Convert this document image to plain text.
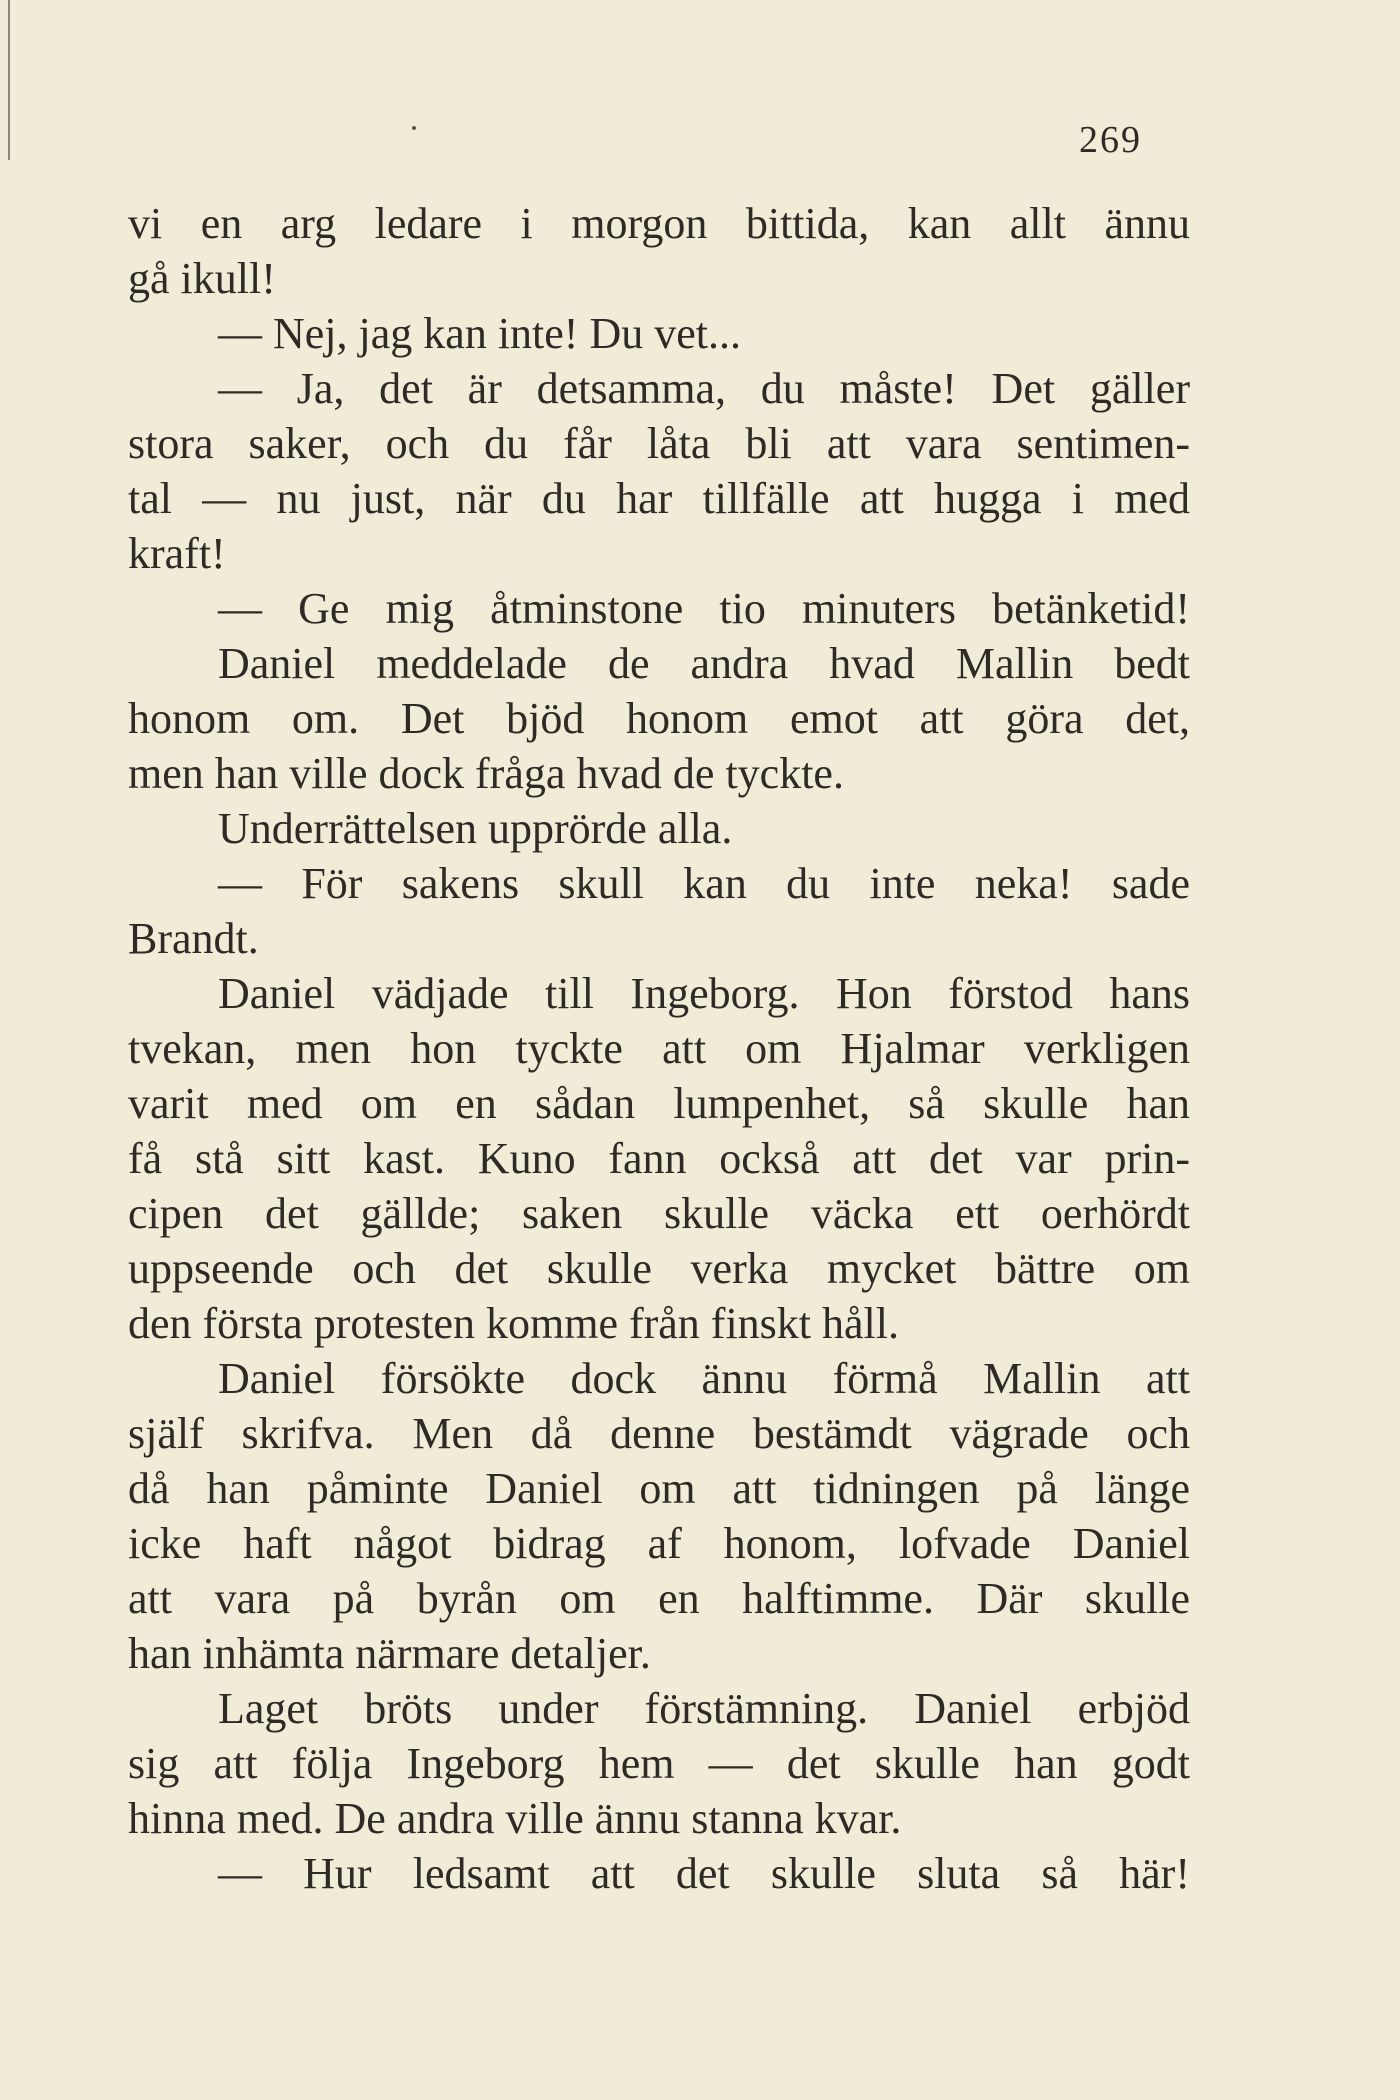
269
vi en arg ledare i morgon bittida, kan allt ännu
gå ikull!
— Nej, jag kan inte! Du vet...
— Ja, det är detsamma, du måste! Det gäller
stora saker, och du får låta bli att vara sentimen-
tal — nu just, när du har tillfälle att hugga i med
kraft!
— Ge mig åtminstone tio minuters betänketid!
Daniel meddelade de andra hvad Mallin bedt
honom om. Det bjöd honom emot att göra det,
men han ville dock fråga hvad de tyckte.
Underrättelsen upprörde alla.
— För sakens skull kan du inte neka! sade
Brandt.
Daniel vädjade till Ingeborg. Hon förstod hans
tvekan, men hon tyckte att om Hjalmar verkligen
varit med om en sådan lumpenhet, så skulle han
få stå sitt kast. Kuno fann också att det var prin-
cipen det gällde; saken skulle väcka ett oerhördt
uppseende och det skulle verka mycket bättre om
den första protesten komme från finskt håll.
Daniel försökte dock ännu förmå Mallin att
själf skrifva. Men då denne bestämdt vägrade och
då han påminte Daniel om att tidningen på länge
icke haft något bidrag af honom, lofvade Daniel
att vara på byrån om en halftimme. Där skulle
han inhämta närmare detaljer.
Laget bröts under förstämning. Daniel erbjöd
sig att följa Ingeborg hem — det skulle han godt
hinna med. De andra ville ännu stanna kvar.
— Hur ledsamt att det skulle sluta så här!
